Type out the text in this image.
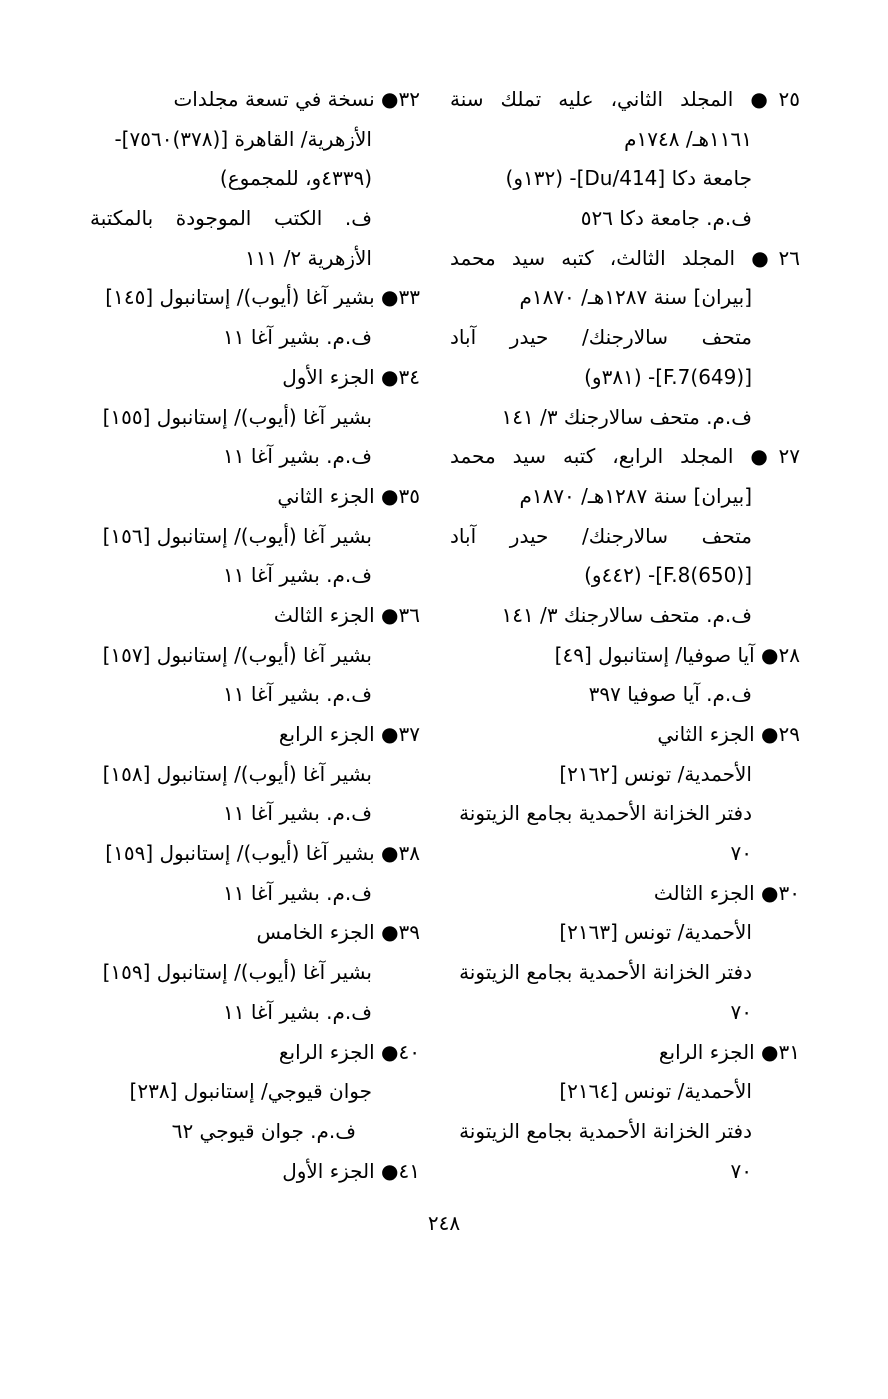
٢٥● المجلد الثاني، عليه تملك سنة
١١٦١هـ/ ١٧٤٨م
جامعة دكا [Du/414]- (١٣٢و)
ف.م. جامعة دكا ٥٢٦
٢٦● المجلد الثالث، كتبه سيد محمد
[بيران] سنة ١٢٨٧هـ/ ١٨٧٠م
متحف سالارجنك/ حيدر آباد
[(649)F.7]- (٣٨١و)
ف.م. متحف سالارجنك ٣/ ١٤١
٢٧● المجلد الرابع، كتبه سيد محمد
[بيران] سنة ١٢٨٧هـ/ ١٨٧٠م
متحف سالارجنك/ حيدر آباد
[(650)F.8]- (٤٤٢و)
ف.م. متحف سالارجنك ٣/ ١٤١
٢٨● آيا صوفيا/ إستانبول [٤٩]
ف.م. آيا صوفيا ٣٩٧
٢٩● الجزء الثاني
الأحمدية/ تونس [٢١٦٢]
دفتر الخزانة الأحمدية بجامع الزيتونة
٧٠
٣٠● الجزء الثالث
الأحمدية/ تونس [٢١٦٣]
دفتر الخزانة الأحمدية بجامع الزيتونة
٧٠
٣١● الجزء الرابع
الأحمدية/ تونس [٢١٦٤]
دفتر الخزانة الأحمدية بجامع الزيتونة
٧٠
٣٢● نسخة في تسعة مجلدات
الأزهرية/ القاهرة [(٣٧٨)٧٥٦٠]-
(٤٣٣٩و، للمجموع)
ف. الكتب الموجودة بالمكتبة
الأزهرية ٢/ ١١١
٣٣● بشير آغا (أيوب)/ إستانبول [١٤٥]
ف.م. بشير آغا ١١
٣٤● الجزء الأول
بشير آغا (أيوب)/ إستانبول [١٥٥]
ف.م. بشير آغا ١١
٣٥● الجزء الثاني
بشير آغا (أيوب)/ إستانبول [١٥٦]
ف.م. بشير آغا ١١
٣٦● الجزء الثالث
بشير آغا (أيوب)/ إستانبول [١٥٧]
ف.م. بشير آغا ١١
٣٧● الجزء الرابع
بشير آغا (أيوب)/ إستانبول [١٥٨]
ف.م. بشير آغا ١١
٣٨● بشير آغا (أيوب)/ إستانبول [١٥٩]
ف.م. بشير آغا ١١
٣٩● الجزء الخامس
بشير آغا (أيوب)/ إستانبول [١٥٩]
ف.م. بشير آغا ١١
٤٠● الجزء الرابع
جوان قيوجي/ إستانبول [٢٣٨]
ف.م. جوان قيوجي ٦٢
٤١● الجزء الأول
٢٤٨
